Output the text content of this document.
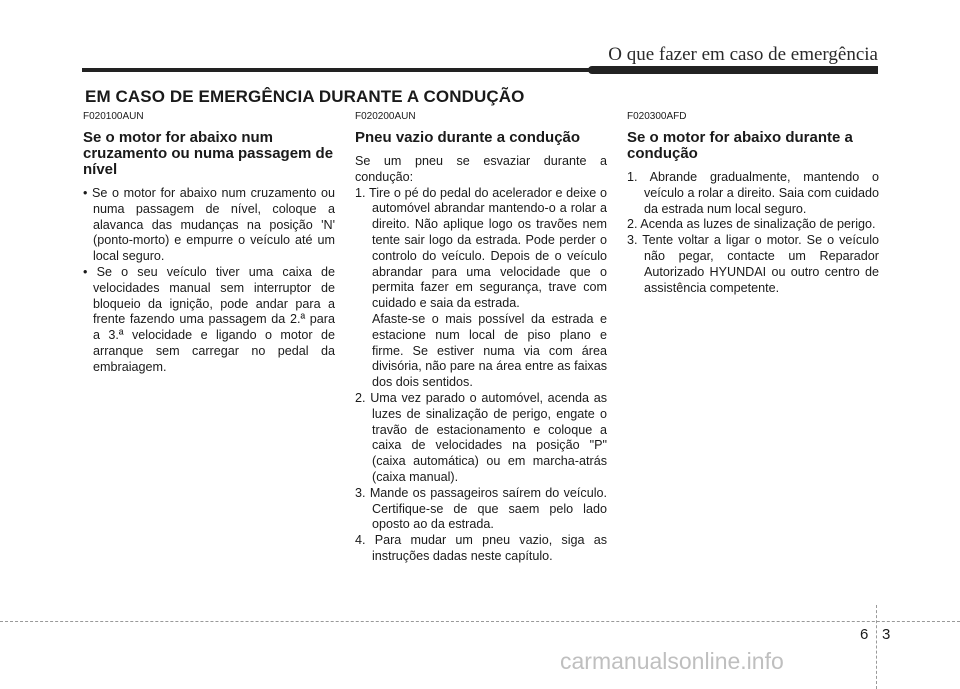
O que fazer em caso de emergência
EM CASO DE EMERGÊNCIA DURANTE A CONDUÇÃO
F020100AUN
Se o motor for abaixo num cruzamento ou numa passagem de nível

• Se o motor for abaixo num cruzamento ou numa passagem de nível, coloque a alavanca das mudanças na posição 'N' (ponto-morto) e empurre o veículo até um local seguro.

• Se o seu veículo tiver uma caixa de velocidades manual sem interruptor de bloqueio da ignição, pode andar para a frente fazendo uma passagem da 2.ª para a 3.ª velocidade e ligando o motor de arranque sem carregar no pedal da embraiagem.

F020200AUN
Pneu vazio durante a condução

Se um pneu se esvaziar durante a condução:

1. Tire o pé do pedal do acelerador e deixe o automóvel abrandar mantendo-o a rolar a direito. Não aplique logo os travões nem tente sair logo da estrada. Pode perder o controlo do veículo. Depois de o veículo abrandar para uma velocidade que o permita fazer em segurança, trave com cuidado e saia da estrada.

Afaste-se o mais possível da estrada e estacione num local de piso plano e firme. Se estiver numa via com área divisória, não pare na área entre as faixas dos dois sentidos.

2. Uma vez parado o automóvel, acenda as luzes de sinalização de perigo, engate o travão de estacionamento e coloque a caixa de velocidades na posição "P" (caixa automática) ou em marcha-atrás (caixa manual).

3. Mande os passageiros saírem do veículo. Certifique-se de que saem pelo lado oposto ao da estrada.

4. Para mudar um pneu vazio, siga as instruções dadas neste capítulo.

F020300AFD
Se o motor for abaixo durante a condução

1. Abrande gradualmente, mantendo o veículo a rolar a direito. Saia com cuidado da estrada num local seguro.

2. Acenda as luzes de sinalização de perigo.

3. Tente voltar a ligar o motor. Se o veículo não pegar, contacte um Reparador Autorizado HYUNDAI ou outro centro de assistência competente.

6 3
carmanualsonline.info
